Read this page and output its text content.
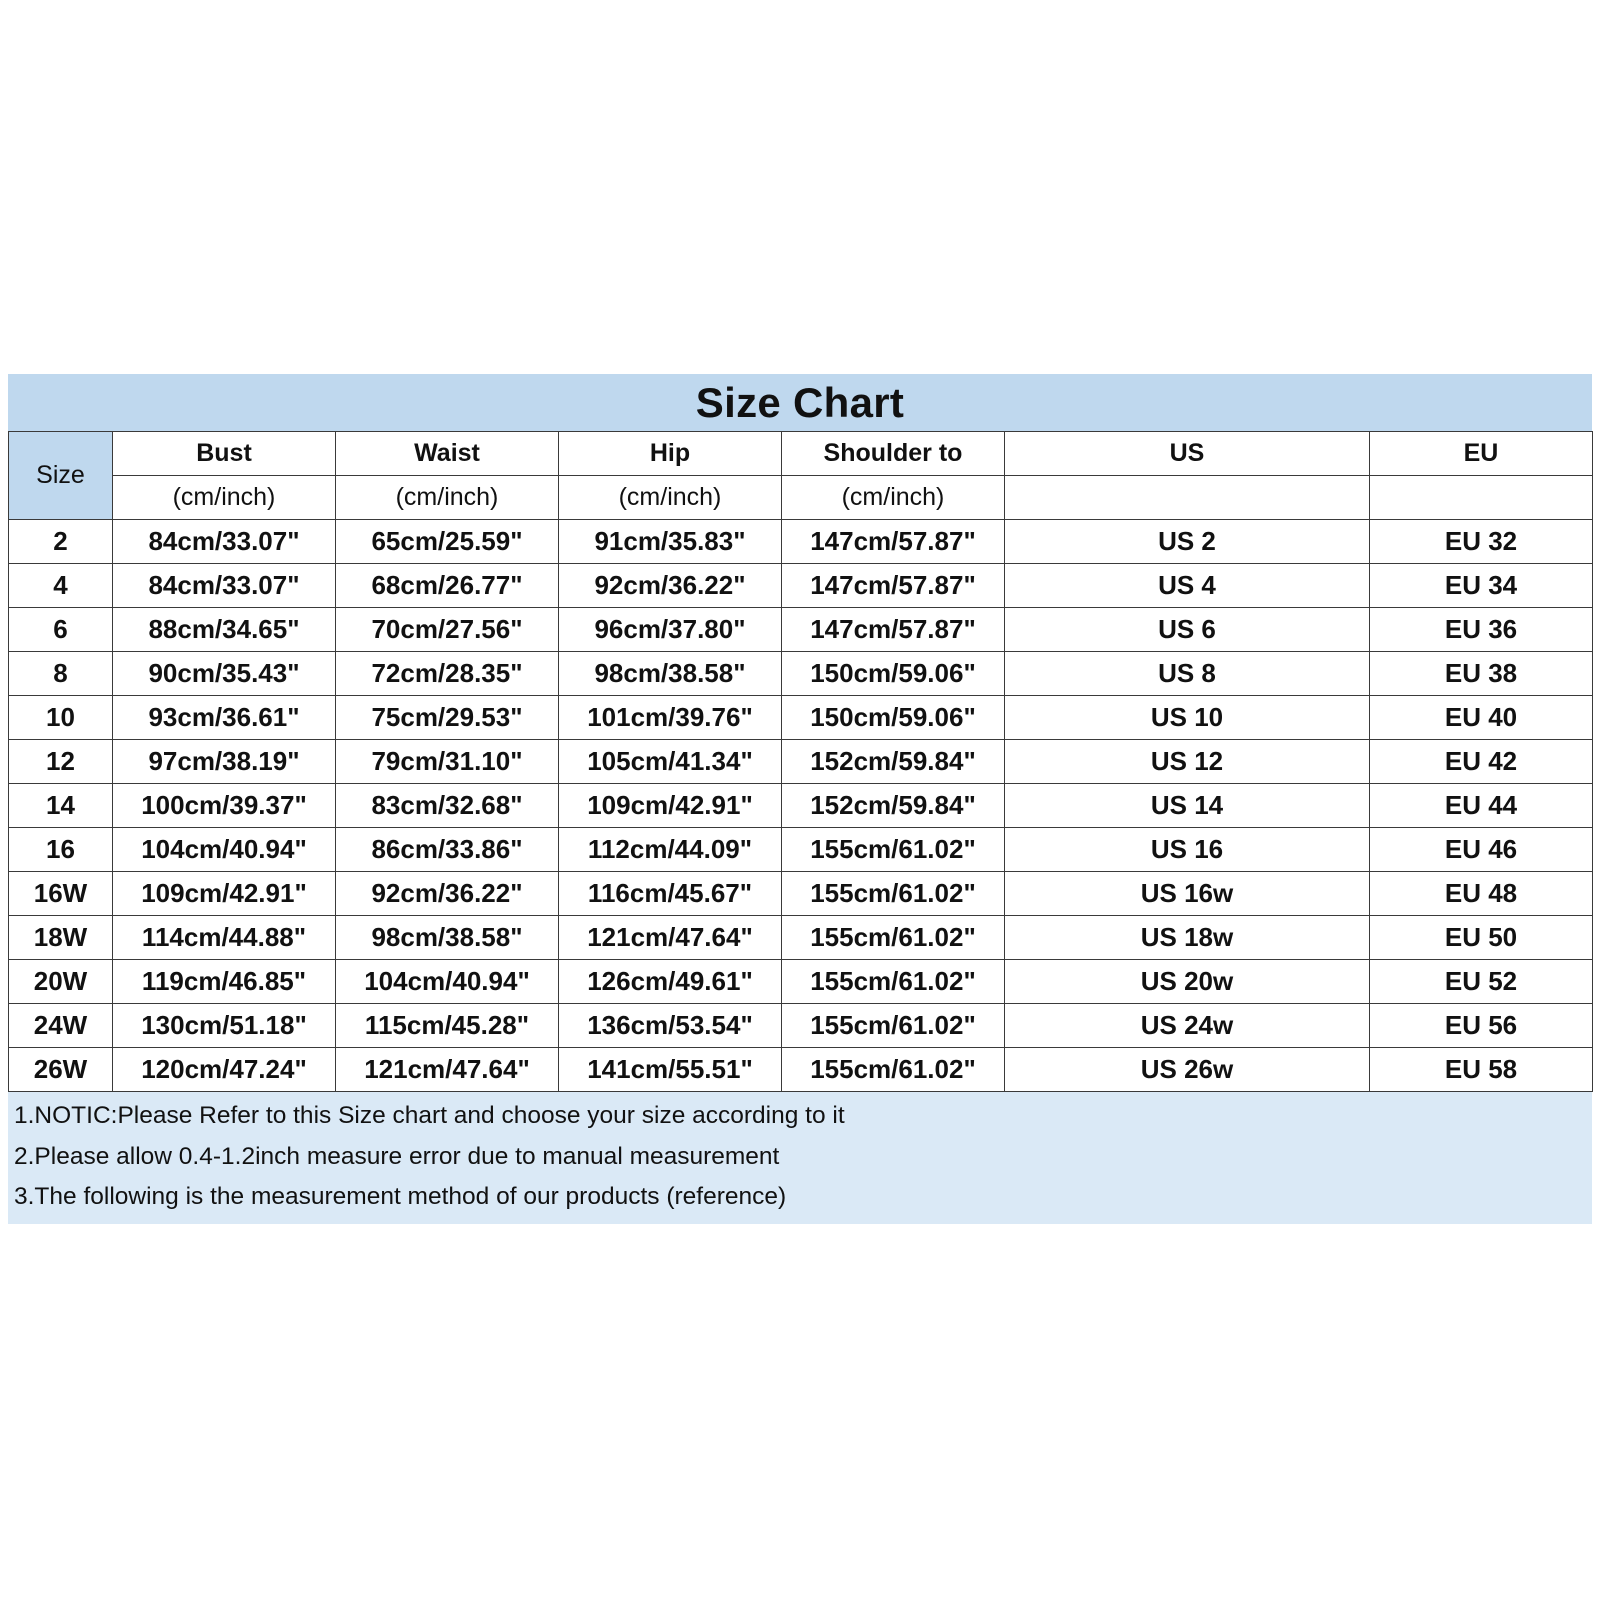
Size Chart
Size	Bust	Waist	Hip	Shoulder to	US	EU
	(cm/inch)	(cm/inch)	(cm/inch)	(cm/inch)		
2	84cm/33.07"	65cm/25.59"	91cm/35.83"	147cm/57.87"	US 2	EU 32
4	84cm/33.07"	68cm/26.77"	92cm/36.22"	147cm/57.87"	US 4	EU 34
6	88cm/34.65"	70cm/27.56"	96cm/37.80"	147cm/57.87"	US 6	EU 36
8	90cm/35.43"	72cm/28.35"	98cm/38.58"	150cm/59.06"	US 8	EU 38
10	93cm/36.61"	75cm/29.53"	101cm/39.76"	150cm/59.06"	US 10	EU 40
12	97cm/38.19"	79cm/31.10"	105cm/41.34"	152cm/59.84"	US 12	EU 42
14	100cm/39.37"	83cm/32.68"	109cm/42.91"	152cm/59.84"	US 14	EU 44
16	104cm/40.94"	86cm/33.86"	112cm/44.09"	155cm/61.02"	US 16	EU 46
16W	109cm/42.91"	92cm/36.22"	116cm/45.67"	155cm/61.02"	US 16w	EU 48
18W	114cm/44.88"	98cm/38.58"	121cm/47.64"	155cm/61.02"	US 18w	EU 50
20W	119cm/46.85"	104cm/40.94"	126cm/49.61"	155cm/61.02"	US 20w	EU 52
24W	130cm/51.18"	115cm/45.28"	136cm/53.54"	155cm/61.02"	US 24w	EU 56
26W	120cm/47.24"	121cm/47.64"	141cm/55.51"	155cm/61.02"	US 26w	EU 58
1.NOTIC:Please Refer to this Size chart and choose your size according to it
2.Please allow 0.4-1.2inch measure error due to manual measurement
3.The following is the measurement method of our products (reference)
